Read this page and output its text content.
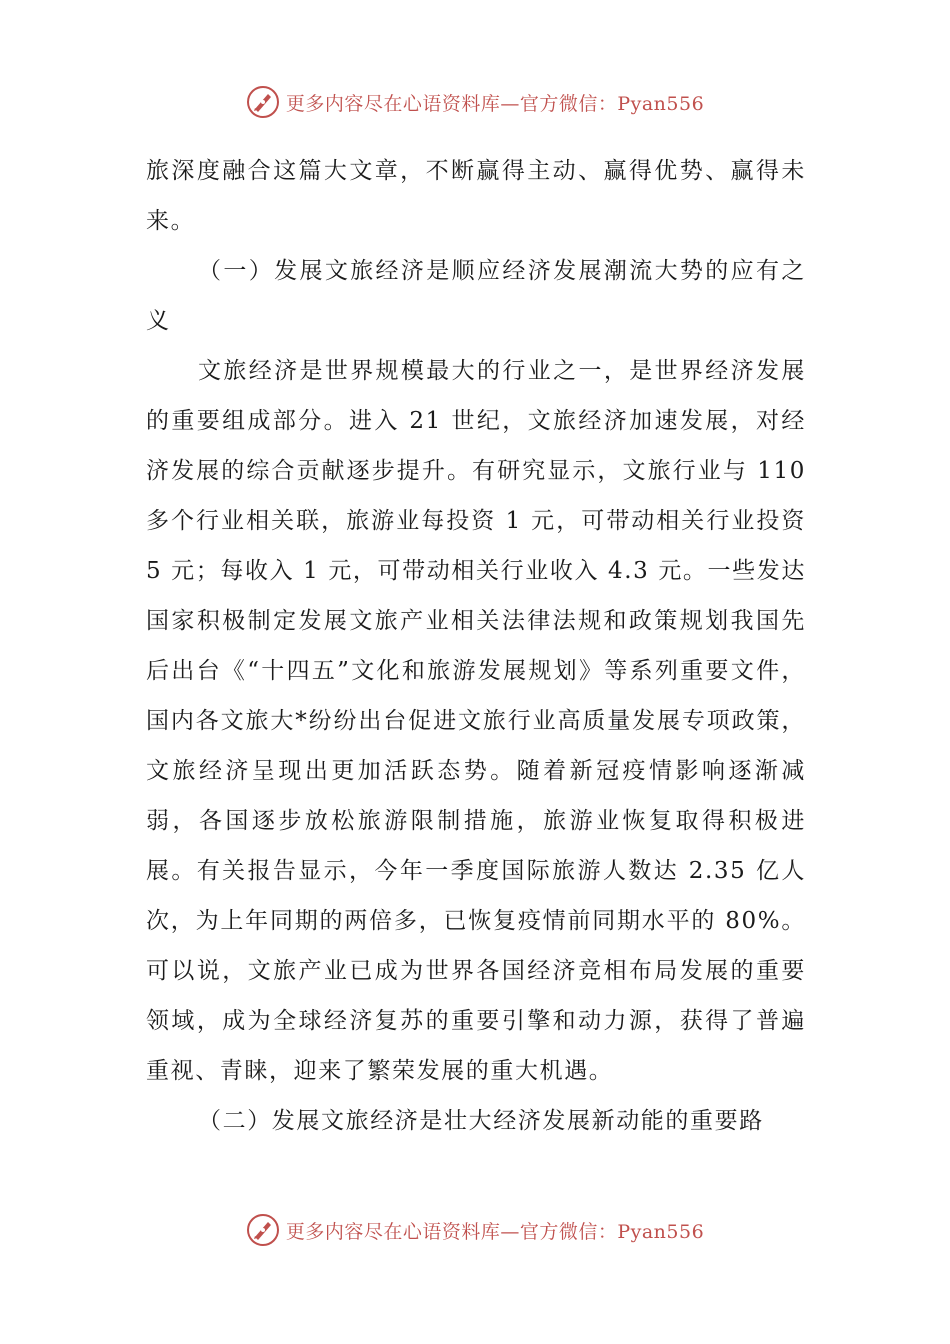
更多内容尽在心语资料库—官方微信：Pyan556

旅深度融合这篇大文章，不断赢得主动、赢得优势、赢得未来。

（一）发展文旅经济是顺应经济发展潮流大势的应有之义

文旅经济是世界规模最大的行业之一，是世界经济发展的重要组成部分。进入 21 世纪，文旅经济加速发展，对经济发展的综合贡献逐步提升。有研究显示，文旅行业与 110 多个行业相关联，旅游业每投资 1 元，可带动相关行业投资 5 元；每收入 1 元，可带动相关行业收入 4.3 元。一些发达国家积极制定发展文旅产业相关法律法规和政策规划我国先后出台《“十四五”文化和旅游发展规划》等系列重要文件，国内各文旅大*纷纷出台促进文旅行业高质量发展专项政策，文旅经济呈现出更加活跃态势。随着新冠疫情影响逐渐减弱，各国逐步放松旅游限制措施，旅游业恢复取得积极进展。有关报告显示，今年一季度国际旅游人数达 2.35 亿人次，为上年同期的两倍多，已恢复疫情前同期水平的 80%。可以说，文旅产业已成为世界各国经济竞相布局发展的重要领域，成为全球经济复苏的重要引擎和动力源，获得了普遍重视、青睐，迎来了繁荣发展的重大机遇。

（二）发展文旅经济是壮大经济发展新动能的重要路

更多内容尽在心语资料库—官方微信：Pyan556
